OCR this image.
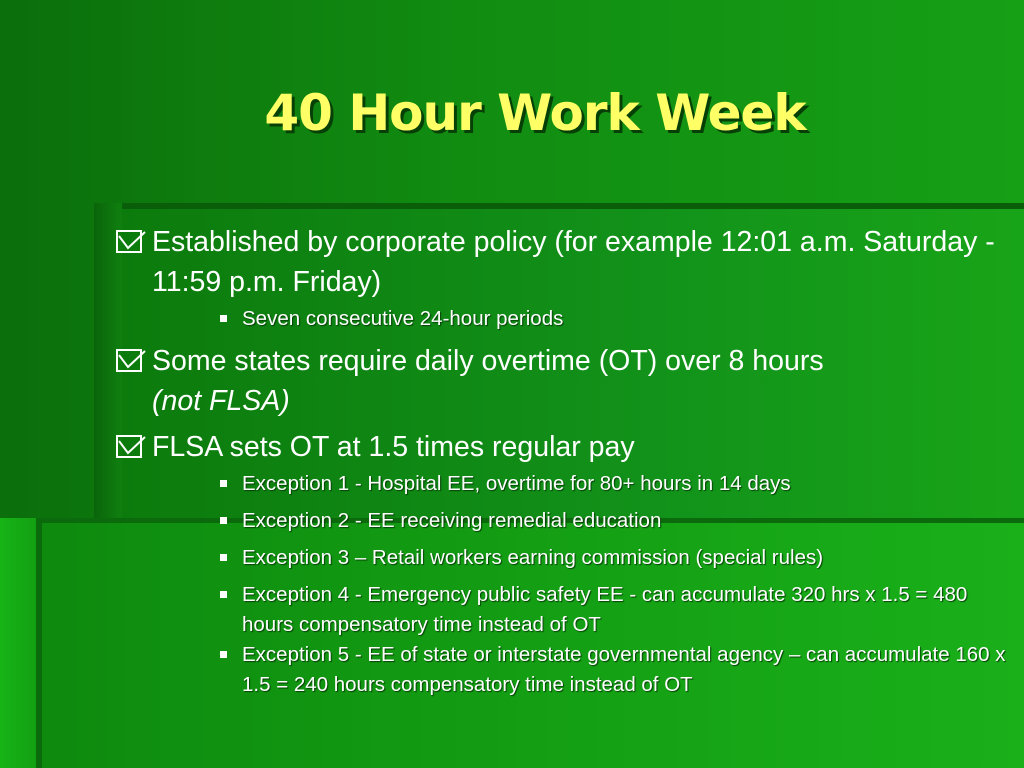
40 Hour Work Week
Established by corporate policy (for example 12:01 a.m. Saturday - 11:59 p.m. Friday)
Seven consecutive 24-hour periods
Some states require daily overtime (OT) over 8 hours
(not FLSA)
FLSA sets OT at 1.5 times regular pay
Exception 1 - Hospital EE, overtime for 80+ hours in 14 days
Exception 2 - EE receiving remedial education
Exception 3 – Retail workers earning commission (special rules)
Exception 4 - Emergency public safety EE - can accumulate 320 hrs x 1.5 = 480 hours compensatory time instead of OT
Exception 5 - EE of state or interstate governmental agency – can accumulate 160 x 1.5 = 240 hours compensatory time instead of OT
